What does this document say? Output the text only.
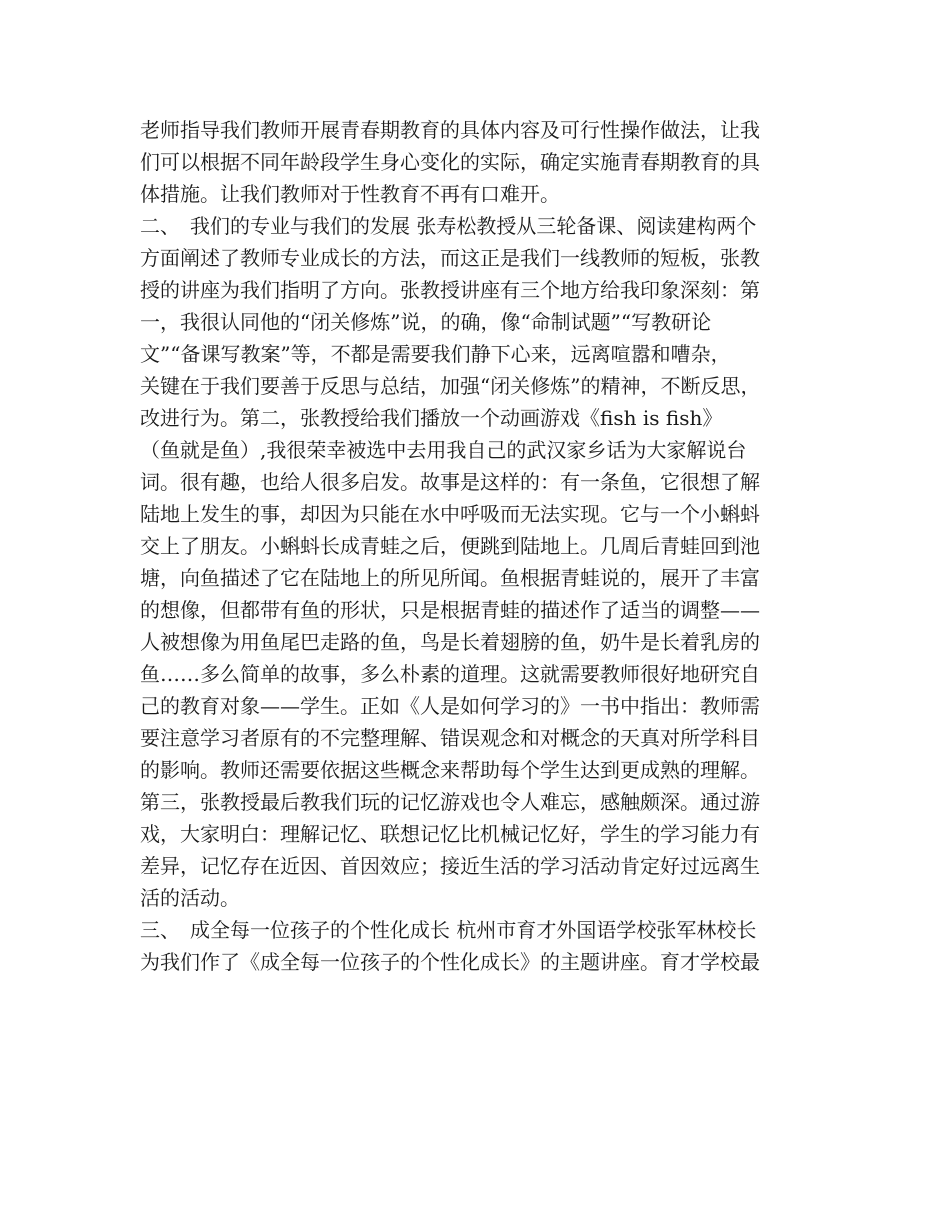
老师指导我们教师开展青春期教育的具体内容及可行性操作做法，让我
们可以根据不同年龄段学生身心变化的实际，确定实施青春期教育的具
体措施。让我们教师对于性教育不再有口难开。
二、　我们的专业与我们的发展 张寿松教授从三轮备课、阅读建构两个
方面阐述了教师专业成长的方法，而这正是我们一线教师的短板，张教
授的讲座为我们指明了方向。张教授讲座有三个地方给我印象深刻：第
一，我很认同他的“闭关修炼”说，的确，像“命制试题”“写教研论
文”“备课写教案”等，不都是需要我们静下心来，远离喧嚣和嘈杂，
关键在于我们要善于反思与总结，加强“闭关修炼”的精神，不断反思，
改进行为。第二，张教授给我们播放一个动画游戏《fish is fish》
（鱼就是鱼）,我很荣幸被选中去用我自己的武汉家乡话为大家解说台
词。很有趣，也给人很多启发。故事是这样的：有一条鱼，它很想了解
陆地上发生的事，却因为只能在水中呼吸而无法实现。它与一个小蝌蚪
交上了朋友。小蝌蚪长成青蛙之后，便跳到陆地上。几周后青蛙回到池
塘，向鱼描述了它在陆地上的所见所闻。鱼根据青蛙说的，展开了丰富
的想像，但都带有鱼的形状，只是根据青蛙的描述作了适当的调整——
人被想像为用鱼尾巴走路的鱼，鸟是长着翅膀的鱼，奶牛是长着乳房的
鱼……多么简单的故事，多么朴素的道理。这就需要教师很好地研究自
己的教育对象——学生。正如《人是如何学习的》一书中指出：教师需
要注意学习者原有的不完整理解、错误观念和对概念的天真对所学科目
的影响。教师还需要依据这些概念来帮助每个学生达到更成熟的理解。
第三，张教授最后教我们玩的记忆游戏也令人难忘，感触颇深。通过游
戏，大家明白：理解记忆、联想记忆比机械记忆好，学生的学习能力有
差异，记忆存在近因、首因效应；接近生活的学习活动肯定好过远离生
活的活动。
三、　成全每一位孩子的个性化成长 杭州市育才外国语学校张军林校长
为我们作了《成全每一位孩子的个性化成长》的主题讲座。育才学校最
